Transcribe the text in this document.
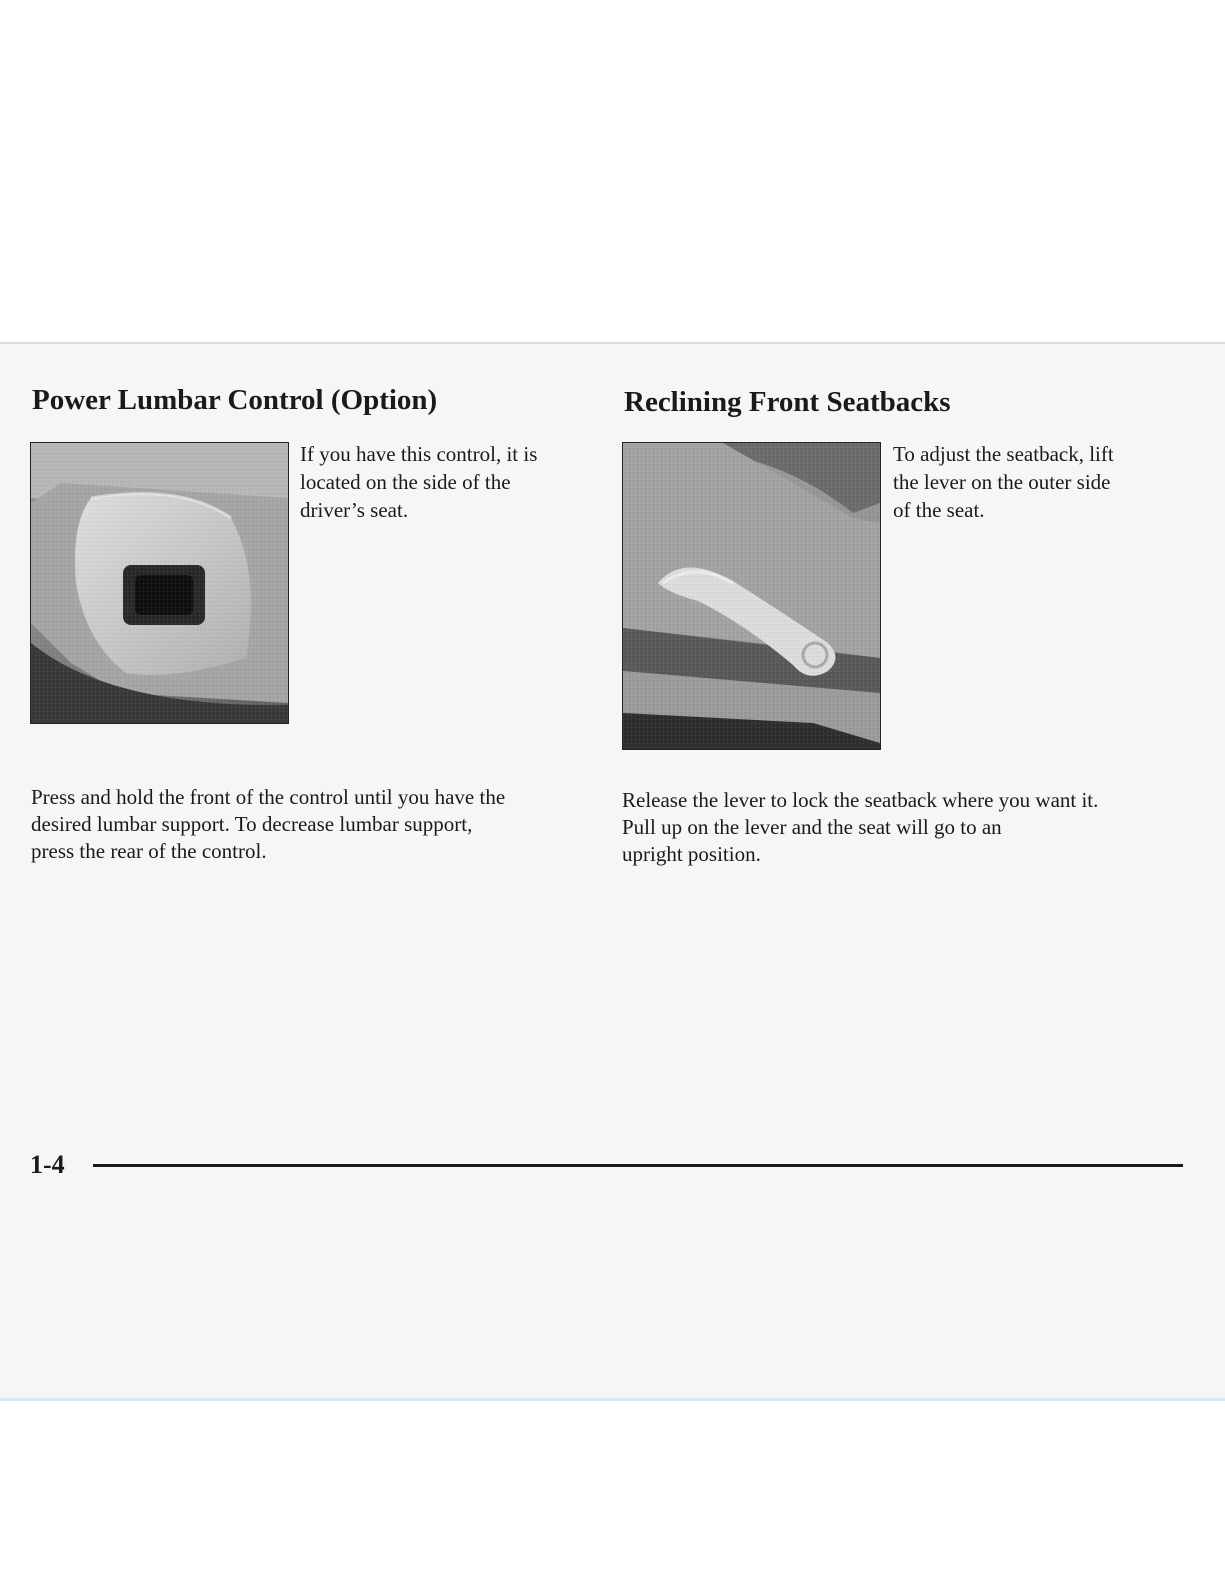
Power Lumbar Control (Option)

If you have this control, it is
located on the side of the
driver’s seat.

Press and hold the front of the control until you have the
desired lumbar support. To decrease lumbar support,
press the rear of the control.

Reclining Front Seatbacks

To adjust the seatback, lift
the lever on the outer side
of the seat.

Release the lever to lock the seatback where you want it.
Pull up on the lever and the seat will go to an
upright position.

1-4
